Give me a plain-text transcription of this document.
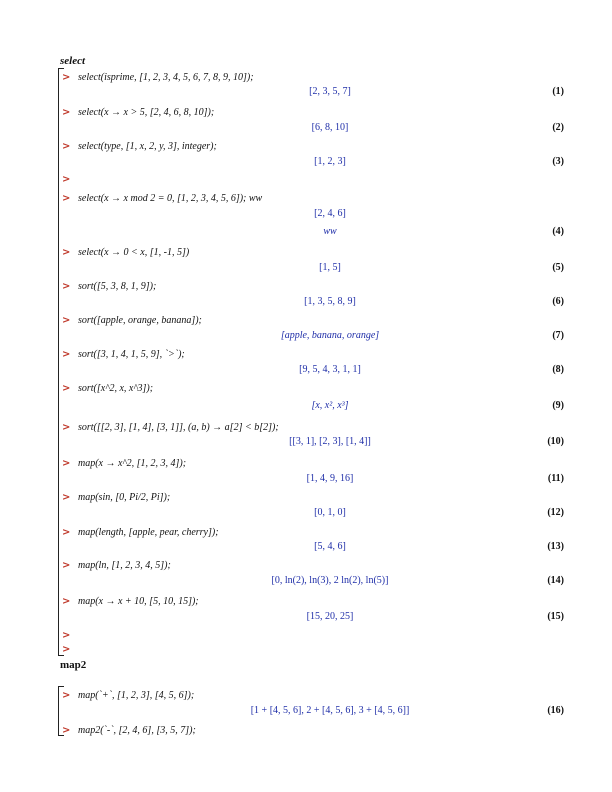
select
> select(isprime, [1, 2, 3, 4, 5, 6, 7, 8, 9, 10]);
[2, 3, 5, 7]	(1)
> select(x → x > 5, [2, 4, 6, 8, 10]);
[6, 8, 10]	(2)
> select(type, [1, x, 2, y, 3], integer);
[1, 2, 3]	(3)
>
> select(x → x mod 2 = 0, [1, 2, 3, 4, 5, 6]); ww
[2, 4, 6]
ww	(4)
> select(x → 0 < x, [1, -1, 5])
[1, 5]	(5)
> sort([5, 3, 8, 1, 9]);
[1, 3, 5, 8, 9]	(6)
> sort([apple, orange, banana]);
[apple, banana, orange]	(7)
> sort([3, 1, 4, 1, 5, 9], `>`);
[9, 5, 4, 3, 1, 1]	(8)
> sort([x^2, x, x^3]);
[x, x², x³]	(9)
> sort([[2, 3], [1, 4], [3, 1]], (a, b) → a[2] < b[2]);
[[3, 1], [2, 3], [1, 4]]	(10)
> map(x → x^2, [1, 2, 3, 4]);
[1, 4, 9, 16]	(11)
> map(sin, [0, Pi/2, Pi]);
[0, 1, 0]	(12)
> map(length, [apple, pear, cherry]);
[5, 4, 6]	(13)
> map(ln, [1, 2, 3, 4, 5]);
[0, ln(2), ln(3), 2 ln(2), ln(5)]	(14)
> map(x → x + 10, [5, 10, 15]);
[15, 20, 25]	(15)
>
>
map2
> map(`+`, [1, 2, 3], [4, 5, 6]);
[1 + [4, 5, 6], 2 + [4, 5, 6], 3 + [4, 5, 6]]	(16)
> map2(`-`, [2, 4, 6], [3, 5, 7]);
